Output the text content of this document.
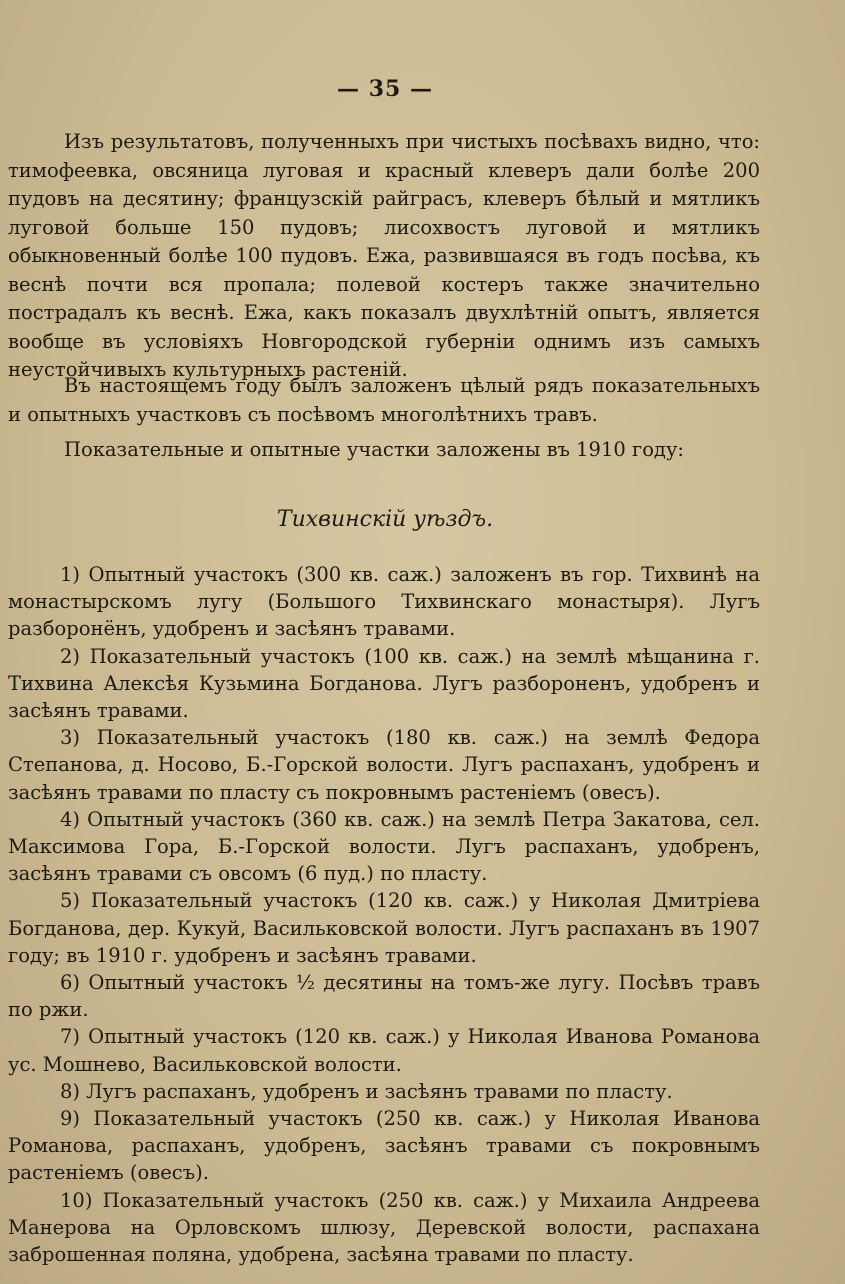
— 35 —

Изъ результатовъ, полученныхъ при чистыхъ посѣвахъ видно, что: тимофеевка, овсяница луговая и красный клеверъ дали болѣе 200 пудовъ на десятину; французскій райграсъ, клеверъ бѣлый и мятликъ луговой больше 150 пудовъ; лисохвостъ луговой и мятликъ обыкновенный болѣе 100 пудовъ. Ежа, развившаяся въ годъ посѣва, къ веснѣ почти вся пропала; полевой костеръ также значительно пострадалъ къ веснѣ. Ежа, какъ показалъ двухлѣтній опытъ, является вообще въ условіяхъ Новгородской губерніи однимъ изъ самыхъ неустойчивыхъ культурныхъ растеній.

Въ настоящемъ году былъ заложенъ цѣлый рядъ показательныхъ и опытныхъ участковъ съ посѣвомъ многолѣтнихъ травъ.

Показательные и опытные участки заложены въ 1910 году:

Тихвинскій уѣздъ.

1) Опытный участокъ (300 кв. саж.) заложенъ въ гор. Тихвинѣ на монастырскомъ лугу (Большого Тихвинскаго монастыря). Лугъ разборонёнъ, удобренъ и засѣянъ травами.

2) Показательный участокъ (100 кв. саж.) на землѣ мѣщанина г. Тихвина Алексѣя Кузьмина Богданова. Лугъ разбороненъ, удобренъ и засѣянъ травами.

3) Показательный участокъ (180 кв. саж.) на землѣ Федора Степанова, д. Носово, Б.-Горской волости. Лугъ распаханъ, удобренъ и засѣянъ травами по пласту съ покровнымъ растеніемъ (овесъ).

4) Опытный участокъ (360 кв. саж.) на землѣ Петра Закатова, сел. Максимова Гора, Б.-Горской волости. Лугъ распаханъ, удобренъ, засѣянъ травами съ овсомъ (6 пуд.) по пласту.

5) Показательный участокъ (120 кв. саж.) у Николая Дмитріева Богданова, дер. Кукуй, Васильковской волости. Лугъ распаханъ въ 1907 году; въ 1910 г. удобренъ и засѣянъ травами.

6) Опытный участокъ ½ десятины на томъ-же лугу. Посѣвъ травъ по ржи.

7) Опытный участокъ (120 кв. саж.) у Николая Иванова Романова ус. Мошнево, Васильковской волости.

8) Лугъ распаханъ, удобренъ и засѣянъ травами по пласту.

9) Показательный участокъ (250 кв. саж.) у Николая Иванова Романова, распаханъ, удобренъ, засѣянъ травами съ покровнымъ растеніемъ (овесъ).

10) Показательный участокъ (250 кв. саж.) у Михаила Андреева Манерова на Орловскомъ шлюзу, Деревской волости, распахана заброшенная поляна, удобрена, засѣяна травами по пласту.
